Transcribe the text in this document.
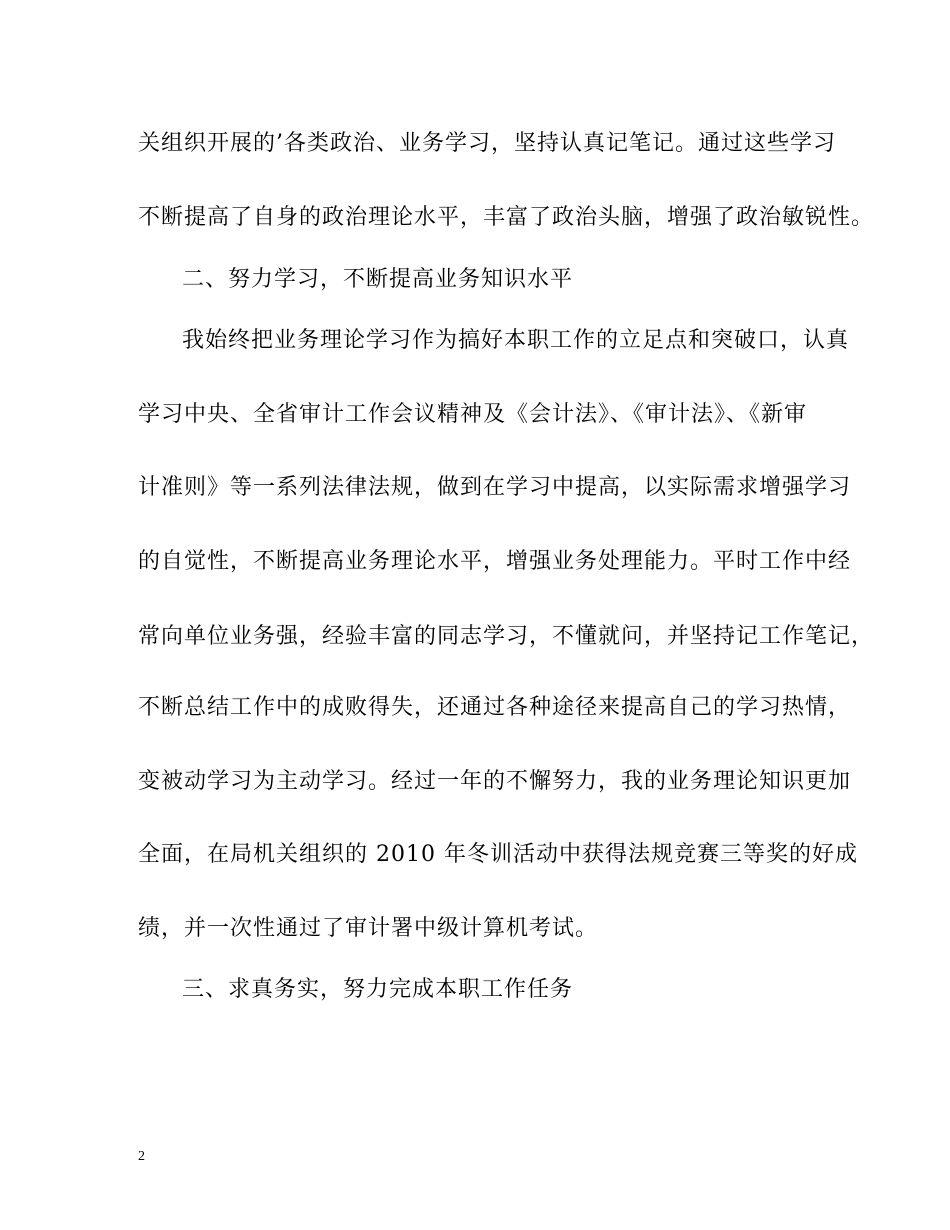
关组织开展的’各类政治、业务学习，坚持认真记笔记。通过这些学习
不断提高了自身的政治理论水平，丰富了政治头脑，增强了政治敏锐性。
二、努力学习，不断提高业务知识水平
我始终把业务理论学习作为搞好本职工作的立足点和突破口，认真
学习中央、全省审计工作会议精神及《会计法》、《审计法》、《新审
计准则》等一系列法律法规，做到在学习中提高，以实际需求增强学习
的自觉性，不断提高业务理论水平，增强业务处理能力。平时工作中经
常向单位业务强，经验丰富的同志学习，不懂就问，并坚持记工作笔记，
不断总结工作中的成败得失，还通过各种途径来提高自己的学习热情，
变被动学习为主动学习。经过一年的不懈努力，我的业务理论知识更加
全面，在局机关组织的 2010 年冬训活动中获得法规竞赛三等奖的好成
绩，并一次性通过了审计署中级计算机考试。
三、求真务实，努力完成本职工作任务
2
